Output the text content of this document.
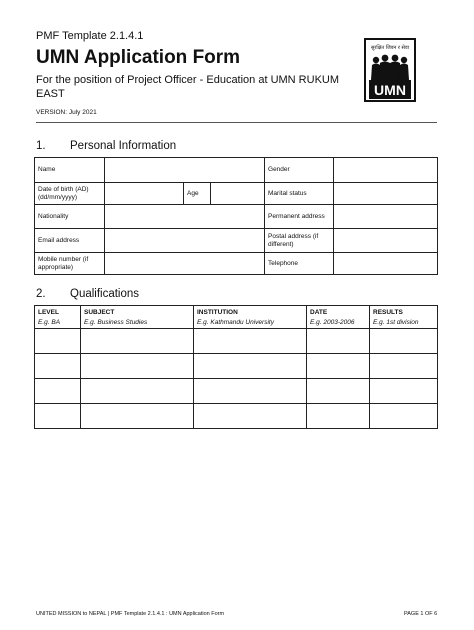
PMF Template 2.1.4.1
UMN Application Form
For the position of Project Officer - Education at UMN RUKUM EAST
VERSION: July 2021
सुरक्षित जिवन र सेवा
UMN
1. Personal Information
Name				Gender	
Date of birth (AD) (dd/mm/yyyy)		Age		Marital status	
Nationality				Permanent address	
Email address				Postal address (if different)	
Mobile number (if appropriate)				Telephone	
2. Qualifications
LEVEL	SUBJECT	INSTITUTION	DATE	RESULTS
E.g. BA	E.g. Business Studies	E.g. Kathmandu University	E.g. 2003-2006	E.g. 1st division

UNITED MISSION to NEPAL | PMF Template 2.1.4.1 : UMN Application Form	PAGE 1 OF 6
